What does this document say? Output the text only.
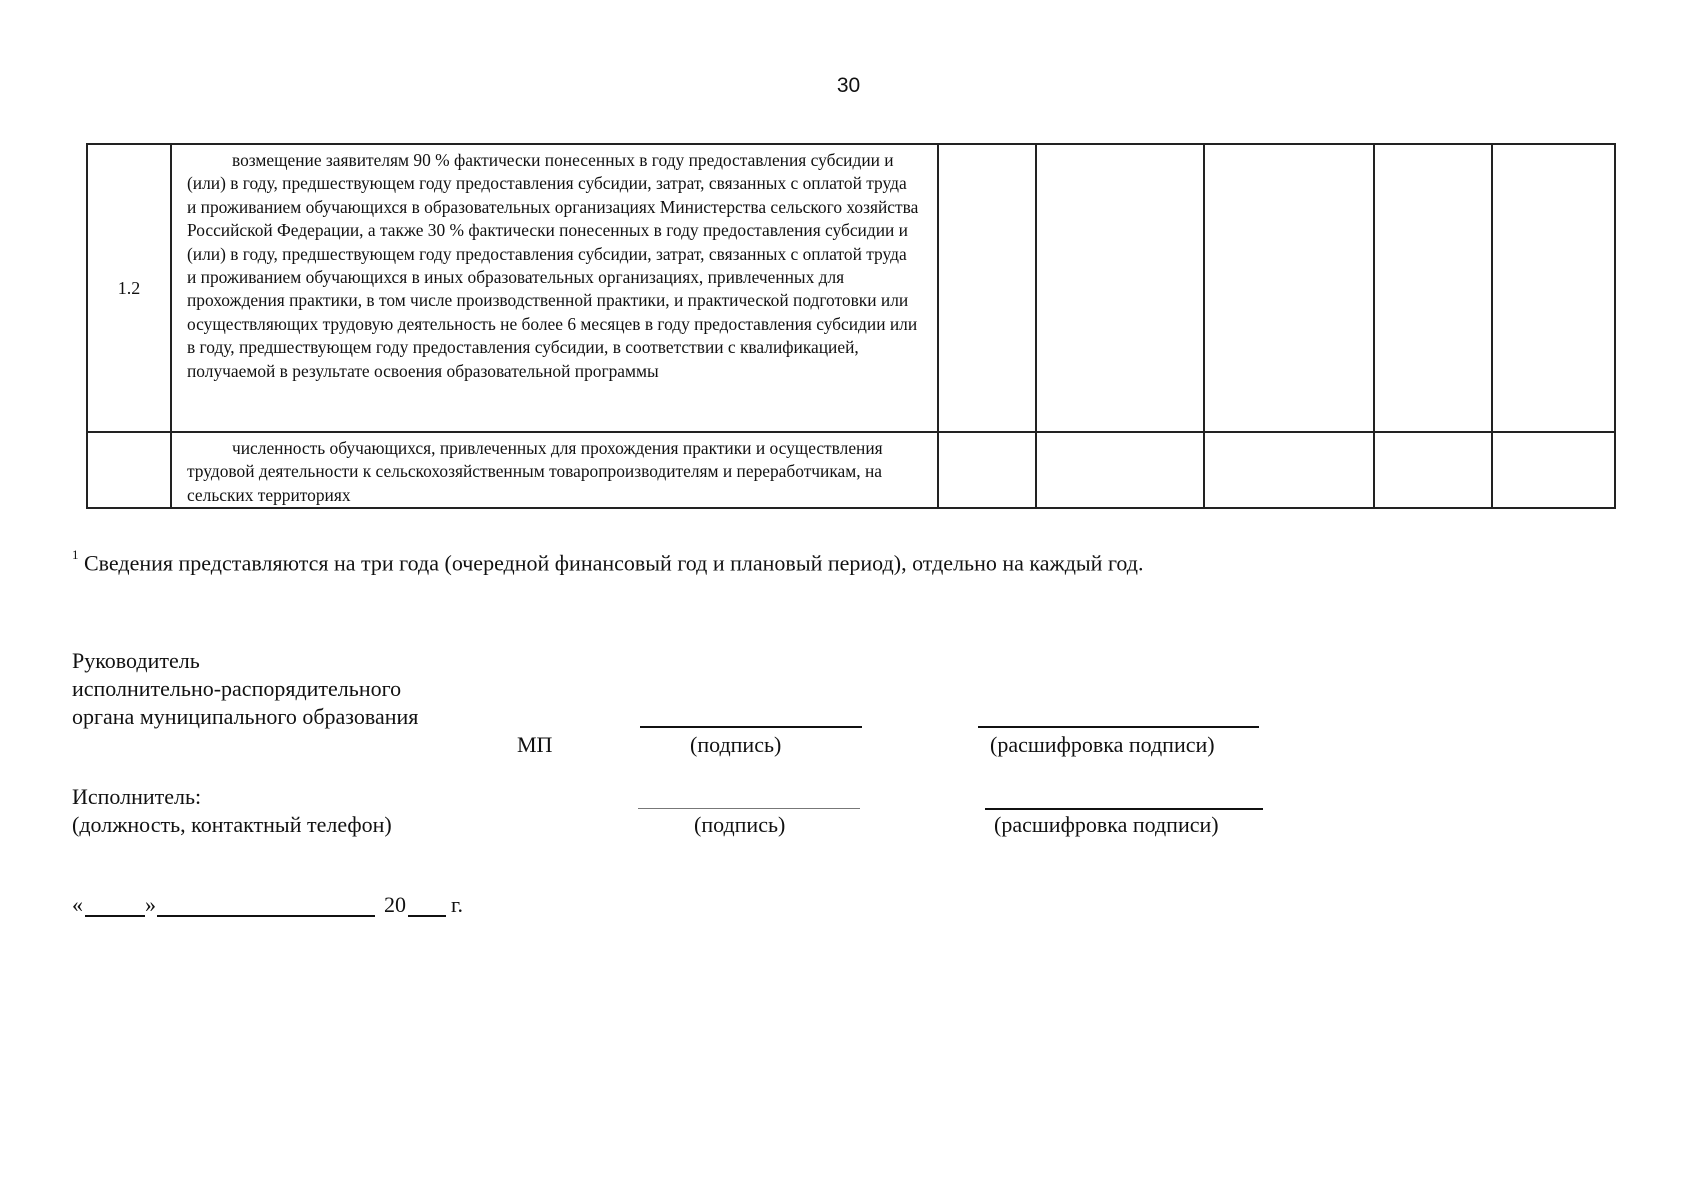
30
1.2	возмещение заявителям 90 % фактически понесенных в году предоставления субсидии и (или) в году, предшествующем году предоставления субсидии, затрат, связанных с оплатой труда и проживанием обучающихся в образовательных организациях Министерства сельского хозяйства Российской Федерации, а также 30 % фактически понесенных в году предоставления субсидии и (или) в году, предшествующем году предоставления субсидии, затрат, связанных с оплатой труда и проживанием обучающихся в иных образовательных организациях, привлеченных для прохождения практики, в том числе производственной практики, и практической подготовки или осуществляющих трудовую деятельность не более 6 месяцев в году предоставления субсидии или в году, предшествующем году предоставления субсидии, в соответствии с квалификацией, получаемой в результате освоения образовательной программы					
	численность обучающихся, привлеченных для прохождения практики и осуществления трудовой деятельности к сельскохозяйственным товаропроизводителям и переработчикам, на сельских территориях					
$^1$ Сведения представляются на три года (очередной финансовый год и плановый период), отдельно на каждый год.
Руководитель
исполнительно-распорядительного
органа муниципального образования
МП	(подпись)	(расшифровка подписи)
Исполнитель:
(должность, контактный телефон)	(подпись)	(расшифровка подписи)
«	»	20 г.
